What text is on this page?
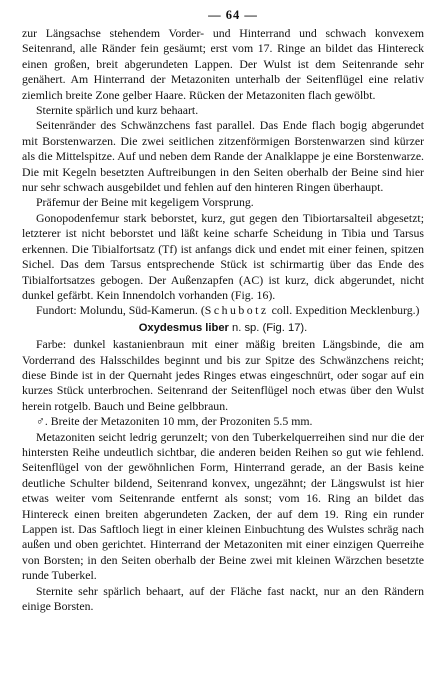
— 64 —

zur Längsachse stehendem Vorder- und Hinterrand und schwach konvexem Seitenrand, alle Ränder fein gesäumt; erst vom 17. Ringe an bildet das Hintereck einen großen, breit abgerundeten Lappen. Der Wulst ist dem Seitenrande sehr genähert. Am Hinterrand der Metazoniten unterhalb der Seitenflügel eine relativ ziemlich breite Zone gelber Haare. Rücken der Metazoniten flach gewölbt.

Sternite spärlich und kurz behaart.

Seitenränder des Schwänzchens fast parallel. Das Ende flach bogig abgerundet mit Borstenwarzen. Die zwei seitlichen zitzenförmigen Borstenwarzen sind kürzer als die Mittelspitze. Auf und neben dem Rande der Analklappe je eine Borstenwarze. Die mit Kegeln besetzten Auftreibungen in den Seiten oberhalb der Beine sind hier nur sehr schwach ausgebildet und fehlen auf den hinteren Ringen überhaupt.

Präfemur der Beine mit kegeligem Vorsprung.

Gonopodenfemur stark beborstet, kurz, gut gegen den Tibiortarsalteil abgesetzt; letzterer ist nicht beborstet und läßt keine scharfe Scheidung in Tibia und Tarsus erkennen. Die Tibialfortsatz (Tf) ist anfangs dick und endet mit einer feinen, spitzen Sichel. Das dem Tarsus entsprechende Stück ist schirmartig über das Ende des Tibialfortsatzes gebogen. Der Außenzapfen (AC) ist kurz, dick abgerundet, nicht dunkel gefärbt. Kein Innendolch vorhanden (Fig. 16).

Fundort: Molundu, Süd-Kamerun. (Schubotz coll. Expedition Mecklenburg.)

Oxydesmus liber n. sp. (Fig. 17).

Farbe: dunkel kastanienbraun mit einer mäßig breiten Längsbinde, die am Vorderrand des Halsschildes beginnt und bis zur Spitze des Schwänzchens reicht; diese Binde ist in der Quernaht jedes Ringes etwas eingeschnürt, oder sogar auf ein kurzes Stück unterbrochen. Seitenrand der Seitenflügel noch etwas über den Wulst herein rotgelb. Bauch und Beine gelbbraun.

♂. Breite der Metazoniten 10 mm, der Prozoniten 5.5 mm.

Metazoniten seicht ledrig gerunzelt; von den Tuberkelquerreihen sind nur die der hintersten Reihe undeutlich sichtbar, die anderen beiden Reihen so gut wie fehlend. Seitenflügel von der gewöhnlichen Form, Hinterrand gerade, an der Basis keine deutliche Schulter bildend, Seitenrand konvex, ungezähnt; der Längswulst ist hier etwas weiter vom Seitenrande entfernt als sonst; vom 16. Ring an bildet das Hintereck einen breiten abgerundeten Zacken, der auf dem 19. Ring ein runder Lappen ist. Das Saftloch liegt in einer kleinen Einbuchtung des Wulstes schräg nach außen und oben gerichtet. Hinterrand der Metazoniten mit einer einzigen Querreihe von Borsten; in den Seiten oberhalb der Beine zwei mit kleinen Wärzchen besetzte runde Tuberkel.

Sternite sehr spärlich behaart, auf der Fläche fast nackt, nur an den Rändern einige Borsten.
